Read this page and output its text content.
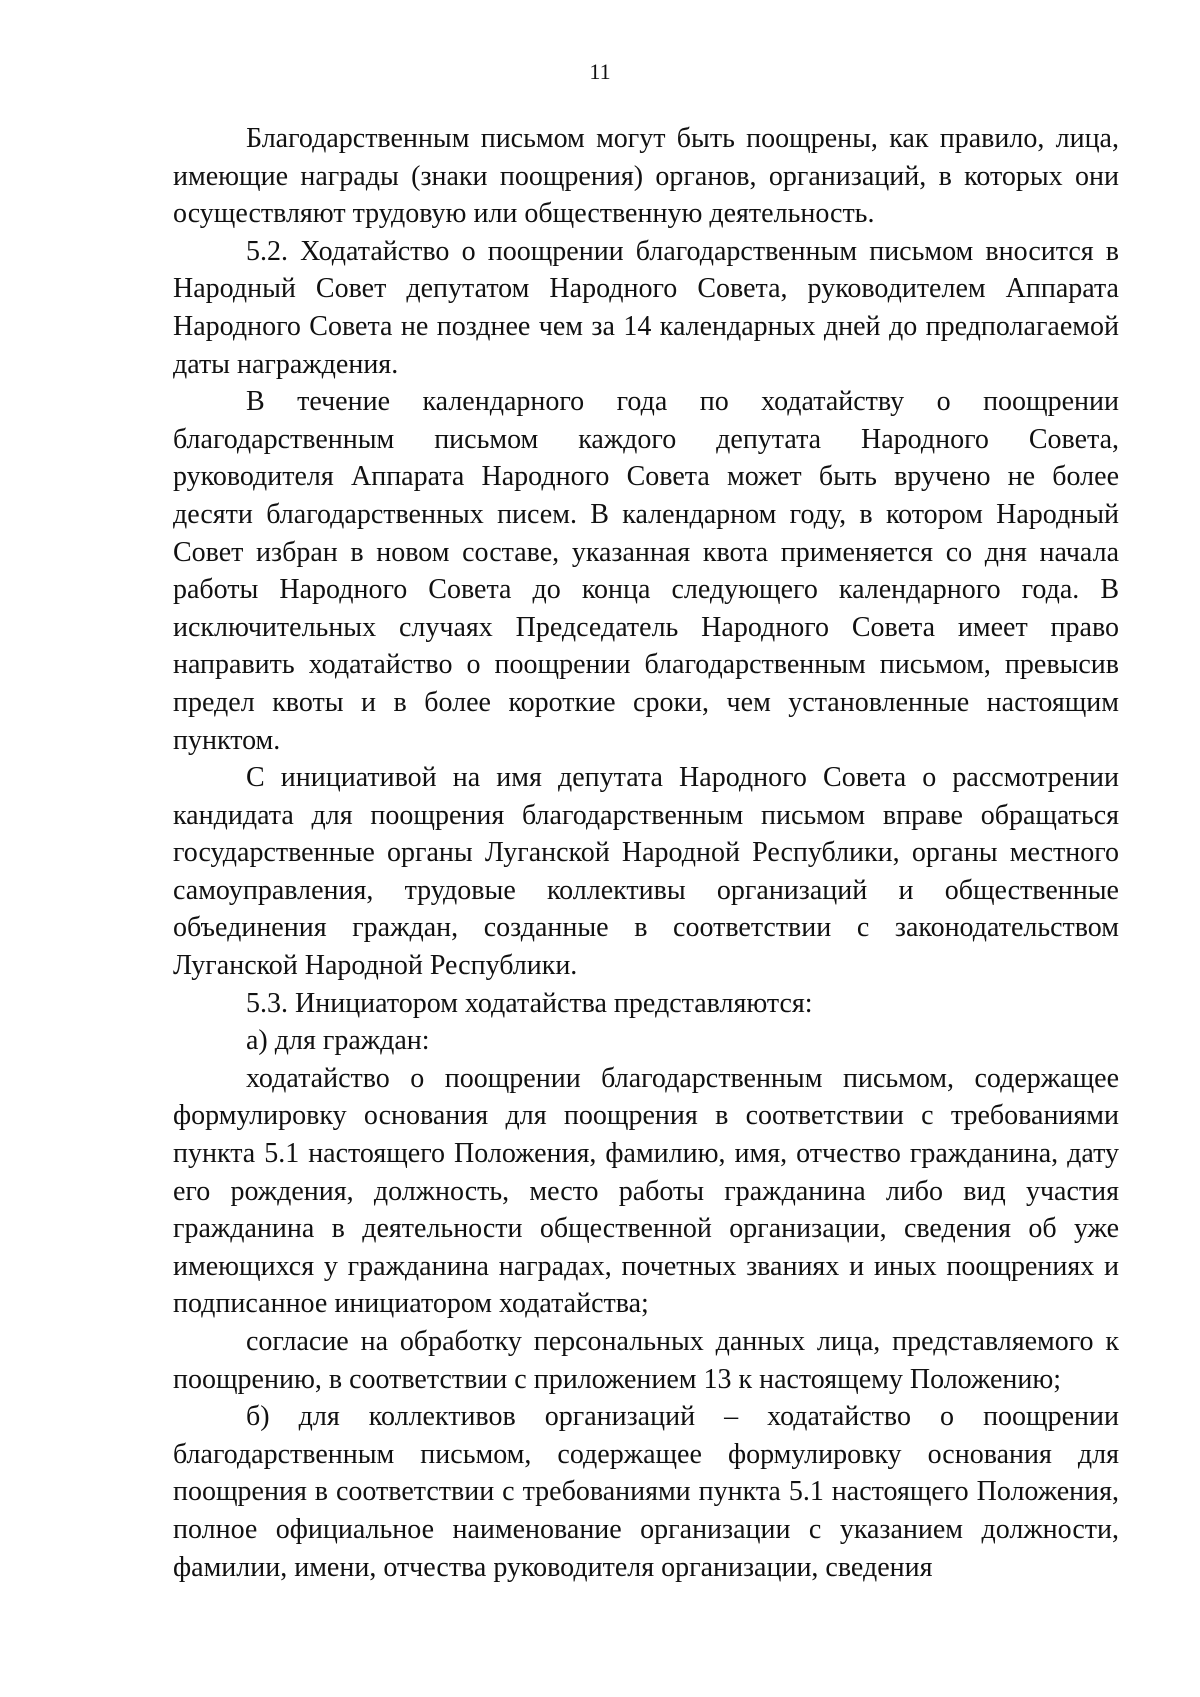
11

Благодарственным письмом могут быть поощрены, как правило, лица, имеющие награды (знаки поощрения) органов, организаций, в которых они осуществляют трудовую или общественную деятельность.

5.2. Ходатайство о поощрении благодарственным письмом вносится в Народный Совет депутатом Народного Совета, руководителем Аппарата Народного Совета не позднее чем за 14 календарных дней до предполагаемой даты награждения.

В течение календарного года по ходатайству о поощрении благодарственным письмом каждого депутата Народного Совета, руководителя Аппарата Народного Совета может быть вручено не более десяти благодарственных писем. В календарном году, в котором Народный Совет избран в новом составе, указанная квота применяется со дня начала работы Народного Совета до конца следующего календарного года. В исключительных случаях Председатель Народного Совета имеет право направить ходатайство о поощрении благодарственным письмом, превысив предел квоты и в более короткие сроки, чем установленные настоящим пунктом.

С инициативой на имя депутата Народного Совета о рассмотрении кандидата для поощрения благодарственным письмом вправе обращаться государственные органы Луганской Народной Республики, органы местного самоуправления, трудовые коллективы организаций и общественные объединения граждан, созданные в соответствии с законодательством Луганской Народной Республики.

5.3. Инициатором ходатайства представляются:

а) для граждан:

ходатайство о поощрении благодарственным письмом, содержащее формулировку основания для поощрения в соответствии с требованиями пункта 5.1 настоящего Положения, фамилию, имя, отчество гражданина, дату его рождения, должность, место работы гражданина либо вид участия гражданина в деятельности общественной организации, сведения об уже имеющихся у гражданина наградах, почетных званиях и иных поощрениях и подписанное инициатором ходатайства;

согласие на обработку персональных данных лица, представляемого к поощрению, в соответствии с приложением 13 к настоящему Положению;

б) для коллективов организаций – ходатайство о поощрении благодарственным письмом, содержащее формулировку основания для поощрения в соответствии с требованиями пункта 5.1 настоящего Положения, полное официальное наименование организации с указанием должности, фамилии, имени, отчества руководителя организации, сведения
